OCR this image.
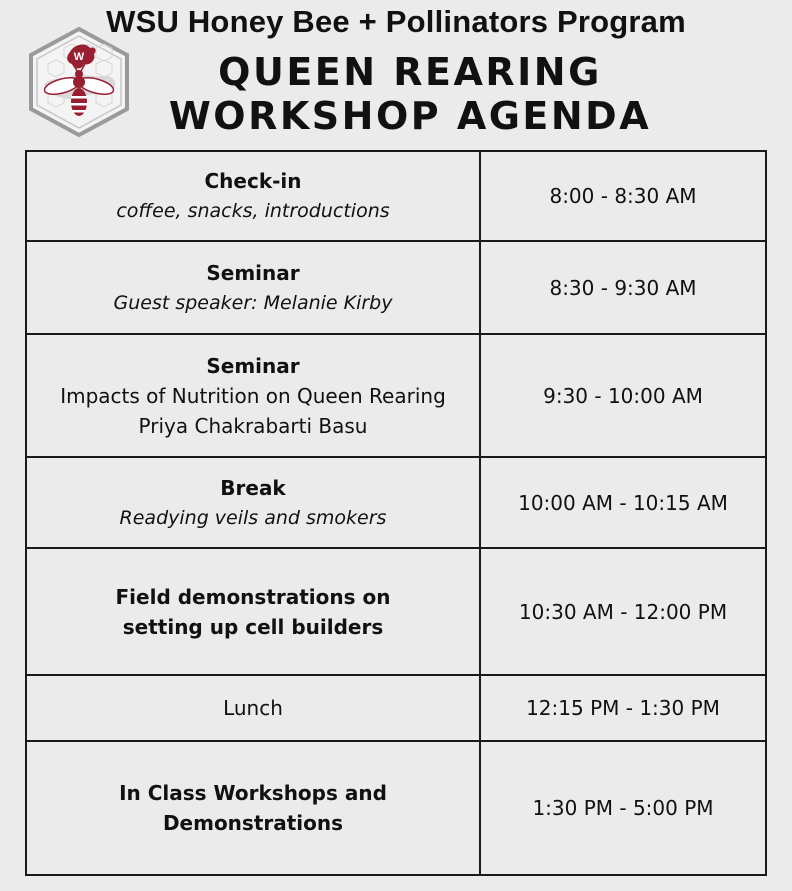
WSU Honey Bee + Pollinators Program
W	QUEEN REARING
WORKSHOP AGENDA
Check-in
coffee, snacks, introductions	8:00 - 8:30 AM

Seminar
Guest speaker: Melanie Kirby	8:30 - 9:30 AM

Seminar
Impacts of Nutrition on Queen Rearing
Priya Chakrabarti Basu	9:30 - 10:00 AM

Break
Readying veils and smokers	10:00 AM - 10:15 AM

Field demonstrations on
setting up cell builders	10:30 AM - 12:00 PM

Lunch	12:15 PM - 1:30 PM

In Class Workshops and
Demonstrations	1:30 PM - 5:00 PM
